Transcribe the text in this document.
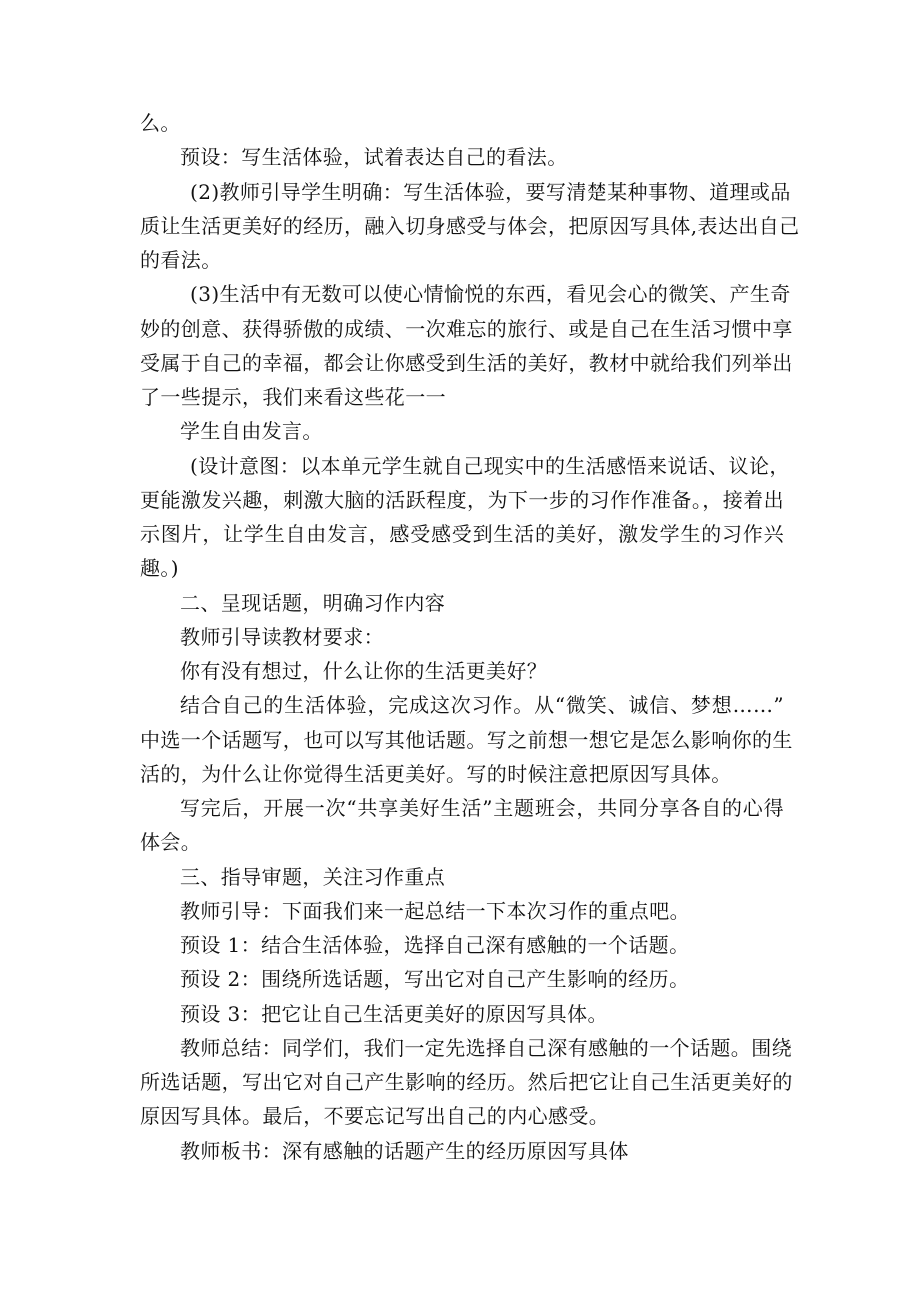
么。
预设：写生活体验，试着表达自己的看法。
(2)教师引导学生明确：写生活体验，要写清楚某种事物、道理或品
质让生活更美好的经历，融入切身感受与体会，把原因写具体,表达出自己
的看法。
(3)生活中有无数可以使心情愉悦的东西，看见会心的微笑、产生奇
妙的创意、获得骄傲的成绩、一次难忘的旅行、或是自己在生活习惯中享
受属于自己的幸福，都会让你感受到生活的美好，教材中就给我们列举出
了一些提示，我们来看这些花一一
学生自由发言。
(设计意图：以本单元学生就自己现实中的生活感悟来说话、议论，
更能激发兴趣，刺激大脑的活跃程度，为下一步的习作作准备。，接着出
示图片，让学生自由发言，感受感受到生活的美好，激发学生的习作兴
趣。)
二、呈现话题，明确习作内容
教师引导读教材要求：
你有没有想过，什么让你的生活更美好？
结合自己的生活体验，完成这次习作。从“微笑、诚信、梦想……”
中选一个话题写，也可以写其他话题。写之前想一想它是怎么影响你的生
活的，为什么让你觉得生活更美好。写的时候注意把原因写具体。
写完后，开展一次“共享美好生活”主题班会，共同分享各自的心得
体会。
三、指导审题，关注习作重点
教师引导：下面我们来一起总结一下本次习作的重点吧。
预设 1：结合生活体验，选择自己深有感触的一个话题。
预设 2：围绕所选话题，写出它对自己产生影响的经历。
预设 3：把它让自己生活更美好的原因写具体。
教师总结：同学们，我们一定先选择自己深有感触的一个话题。围绕
所选话题，写出它对自己产生影响的经历。然后把它让自己生活更美好的
原因写具体。最后，不要忘记写出自己的内心感受。
教师板书：深有感触的话题产生的经历原因写具体
